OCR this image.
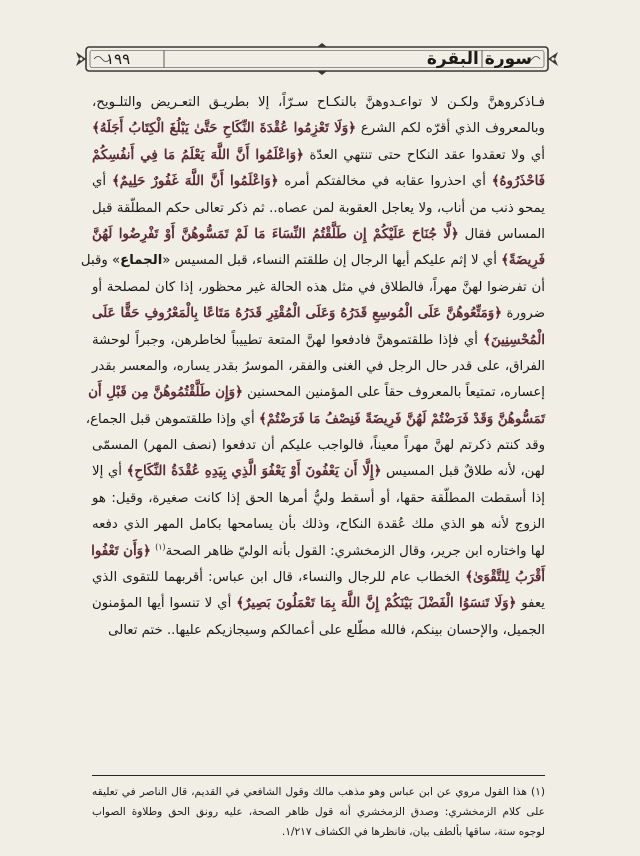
سورة البقرة
١٩٩
فـاذكروهنَّ ولكـن لا تواعـدوهنَّ بالنكـاح سـرّاً، إلا بطريـق التعـريض والتلـويح،
وبالمعروف الذي أقرّه لكم الشرع ﴿وَلَا تَعْزِمُوا عُقْدَةَ النِّكَاحِ حَتَّىٰ يَبْلُغَ الْكِتَابُ أَجَلَهُ﴾
أي ولا تعقدوا عقد النكاح حتى تنتهي العدّة ﴿وَاعْلَمُوا أَنَّ اللَّهَ يَعْلَمُ مَا فِي أَنفُسِكُمْ
فَاحْذَرُوهُ﴾ أي احذروا عقابه في مخالفتكم أمره ﴿وَاعْلَمُوا أَنَّ اللَّهَ غَفُورٌ حَلِيمٌ﴾ أي
يمحو ذنب من أناب، ولا يعاجل العقوبة لمن عصاه.. ثم ذكر تعالى حكم المطلّقة قبل
المساس فقال ﴿لَّا جُنَاحَ عَلَيْكُمْ إِن طَلَّقْتُمُ النِّسَاءَ مَا لَمْ تَمَسُّوهُنَّ أَوْ تَفْرِضُوا لَهُنَّ
فَرِيضَةً﴾ أي لا إثم عليكم أيها الرجال إن طلقتم النساء، قبل المسيس «الجماع» وقبل
أن تفرضوا لهنَّ مهراً، فالطلاق في مثل هذه الحالة غير محظور، إذا كان لمصلحة أو
ضرورة ﴿وَمَتِّعُوهُنَّ عَلَى الْمُوسِعِ قَدَرُهُ وَعَلَى الْمُقْتِرِ قَدَرُهُ مَتَاعًا بِالْمَعْرُوفِ حَقًّا عَلَى
الْمُحْسِنِينَ﴾ أي فإذا طلقتموهنَّ فادفعوا لهنَّ المتعة تطييباً لخاطرهن، وجبراً لوحشة
الفراق، على قدر حال الرجل في الغنى والفقر، الموسرُ بقدر يساره، والمعسر بقدر
إعساره، تمتيعاً بالمعروف حقاً على المؤمنين المحسنين ﴿وَإِن طَلَّقْتُمُوهُنَّ مِن قَبْلِ أَن
تَمَسُّوهُنَّ وَقَدْ فَرَضْتُمْ لَهُنَّ فَرِيضَةً فَنِصْفُ مَا فَرَضْتُمْ﴾ أي وإذا طلقتموهن قبل الجماع،
وقد كنتم ذكرتم لهنَّ مهراً معيناً، فالواجب عليكم أن تدفعوا (نصف المهر) المسمّى
لهن، لأنه طلاقٌ قبل المسيس ﴿إِلَّا أَن يَعْفُونَ أَوْ يَعْفُوَ الَّذِي بِيَدِهِ عُقْدَةُ النِّكَاحِ﴾ أي إلا
إذا أسقطت المطلّقة حقها، أو أسقط وليُّ أمرها الحق إذا كانت صغيرة، وقيل: هو
الزوج لأنه هو الذي ملك عُقدة النكاح، وذلك بأن يسامحها بكامل المهر الذي دفعه
لها واختاره ابن جرير، وقال الزمخشري: القول بأنه الوليّ ظاهر الصحة$^{(١)}$ ﴿وَأَن تَعْفُوا
أَقْرَبُ لِلتَّقْوَىٰ﴾ الخطاب عام للرجال والنساء، قال ابن عباس: أقربهما للتقوى الذي
يعفو ﴿وَلَا تَنسَوُا الْفَضْلَ بَيْنَكُمْ إِنَّ اللَّهَ بِمَا تَعْمَلُونَ بَصِيرٌ﴾ أي لا تنسوا أيها المؤمنون
الجميل، والإحسان بينكم، فالله مطّلع على أعمالكم وسيجازيكم عليها.. ختم تعالى
(١) هذا القول مروي عن ابن عباس وهو مذهب مالك وقول الشافعي في القديم، قال الناصر في تعليقه
على كلام الزمخشري: وصدق الزمخشري أنه قول ظاهر الصحة، عليه رونق الحق وطلاوة الصواب
لوجوه ستة، ساقها بألطف بيان، فانظرها في الكشاف ١/٢١٧.
